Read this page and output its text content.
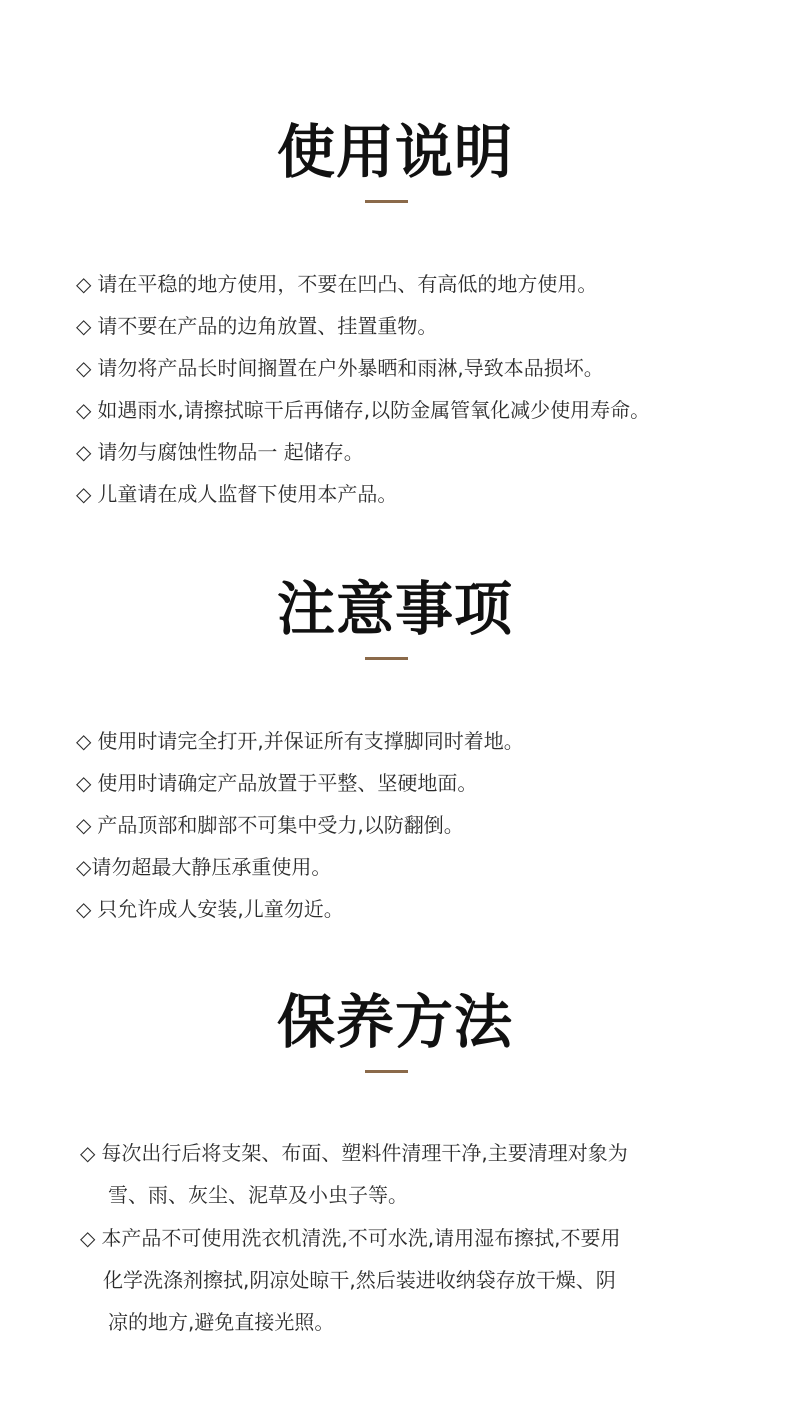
使用说明
◇ 请在平稳的地方使用，不要在凹凸、有高低的地方使用。
◇ 请不要在产品的边角放置、挂置重物。
◇ 请勿将产品长时间搁置在户外暴晒和雨淋,导致本品损坏。
◇ 如遇雨水,请擦拭晾干后再储存,以防金属管氧化减少使用寿命。
◇ 请勿与腐蚀性物品一 起储存。
◇ 儿童请在成人监督下使用本产品。
注意事项
◇ 使用时请完全打开,并保证所有支撑脚同时着地。
◇ 使用时请确定产品放置于平整、坚硬地面。
◇ 产品顶部和脚部不可集中受力,以防翻倒。
◇请勿超最大静压承重使用。
◇ 只允许成人安装,儿童勿近。
保养方法
◇ 每次出行后将支架、布面、塑料件清理干净,主要清理对象为
雪、雨、灰尘、泥草及小虫子等。
◇ 本产品不可使用洗衣机清洗,不可水洗,请用湿布擦拭,不要用
化学洗涤剂擦拭,阴凉处晾干,然后装进收纳袋存放干燥、阴
凉的地方,避免直接光照。
